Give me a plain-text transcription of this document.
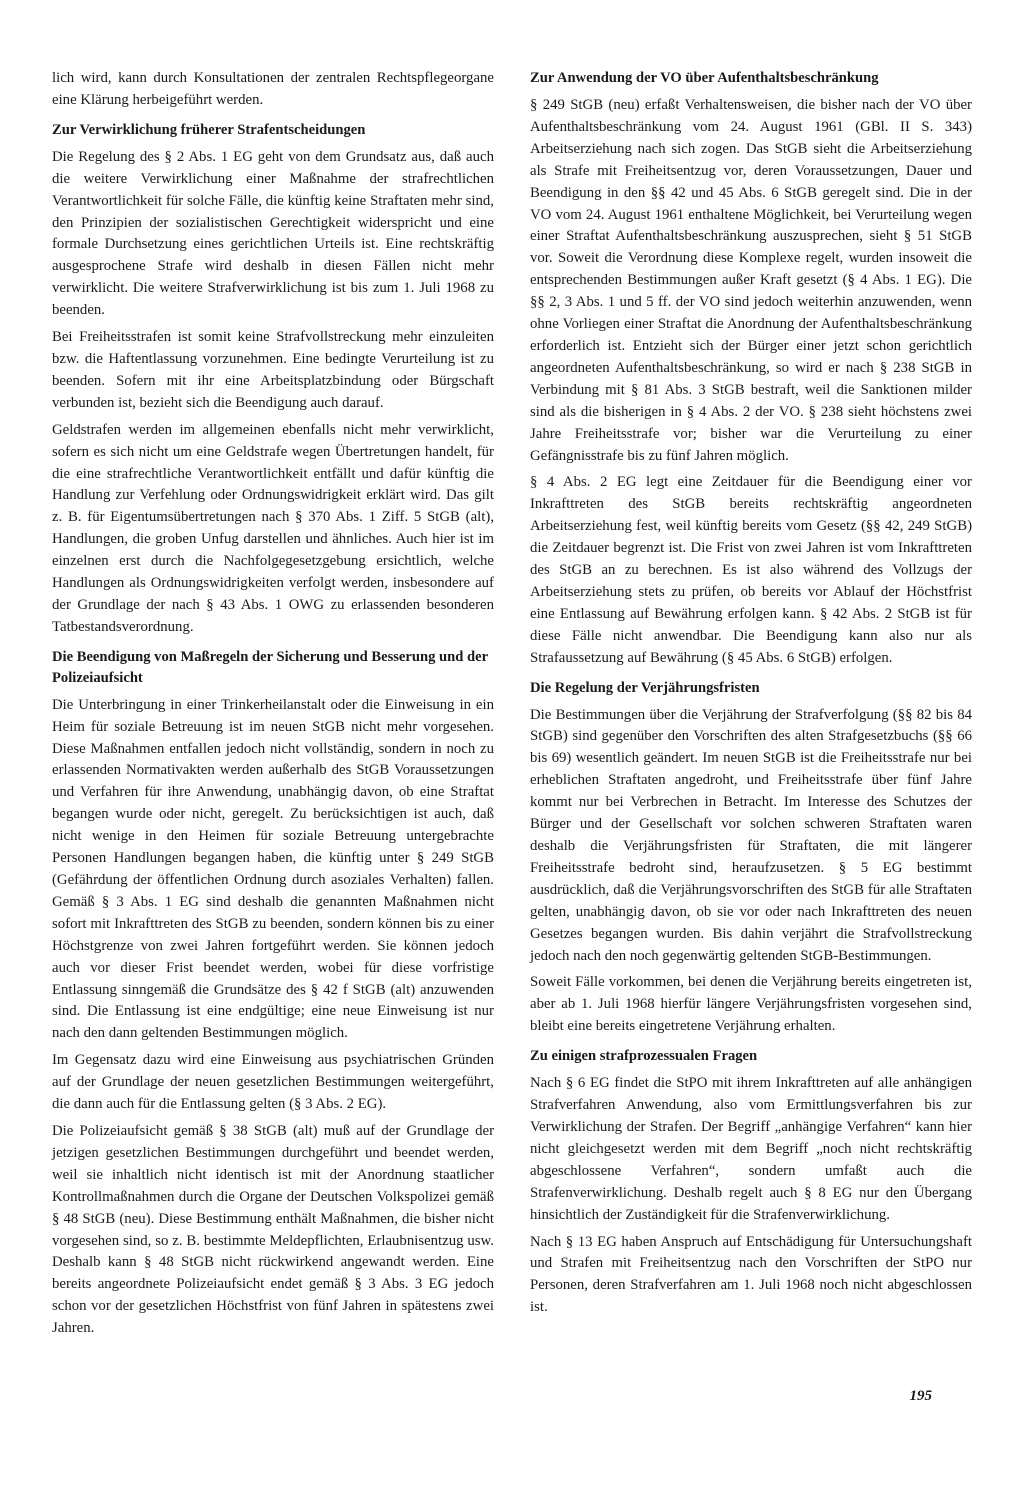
lich wird, kann durch Konsultationen der zentralen Rechtspflegeorgane eine Klärung herbeigeführt werden.

Zur Verwirklichung früherer Strafentscheidungen

Die Regelung des § 2 Abs. 1 EG geht von dem Grundsatz aus, daß auch die weitere Verwirklichung einer Maßnahme der strafrechtlichen Verantwortlichkeit für solche Fälle, die künftig keine Straftaten mehr sind, den Prinzipien der sozialistischen Gerechtigkeit widerspricht und eine formale Durchsetzung eines gerichtlichen Urteils ist. Eine rechtskräftig ausgesprochene Strafe wird deshalb in diesen Fällen nicht mehr verwirklicht. Die weitere Strafverwirklichung ist bis zum 1. Juli 1968 zu beenden.

Bei Freiheitsstrafen ist somit keine Strafvollstreckung mehr einzuleiten bzw. die Haftentlassung vorzunehmen. Eine bedingte Verurteilung ist zu beenden. Sofern mit ihr eine Arbeitsplatzbindung oder Bürgschaft verbunden ist, bezieht sich die Beendigung auch darauf.

Geldstrafen werden im allgemeinen ebenfalls nicht mehr verwirklicht, sofern es sich nicht um eine Geldstrafe wegen Übertretungen handelt, für die eine strafrechtliche Verantwortlichkeit entfällt und dafür künftig die Handlung zur Verfehlung oder Ordnungswidrigkeit erklärt wird. Das gilt z. B. für Eigentumsübertretungen nach § 370 Abs. 1 Ziff. 5 StGB (alt), Handlungen, die groben Unfug darstellen und ähnliches. Auch hier ist im einzelnen erst durch die Nachfolgegesetzgebung ersichtlich, welche Handlungen als Ordnungswidrigkeiten verfolgt werden, insbesondere auf der Grundlage der nach § 43 Abs. 1 OWG zu erlassenden besonderen Tatbestandsverordnung.

Die Beendigung von Maßregeln der Sicherung und Besserung und der Polizeiaufsicht

Die Unterbringung in einer Trinkerheilanstalt oder die Einweisung in ein Heim für soziale Betreuung ist im neuen StGB nicht mehr vorgesehen. Diese Maßnahmen entfallen jedoch nicht vollständig, sondern in noch zu erlassenden Normativakten werden außerhalb des StGB Voraussetzungen und Verfahren für ihre Anwendung, unabhängig davon, ob eine Straftat begangen wurde oder nicht, geregelt. Zu berücksichtigen ist auch, daß nicht wenige in den Heimen für soziale Betreuung untergebrachte Personen Handlungen begangen haben, die künftig unter § 249 StGB (Gefährdung der öffentlichen Ordnung durch asoziales Verhalten) fallen. Gemäß § 3 Abs. 1 EG sind deshalb die genannten Maßnahmen nicht sofort mit Inkrafttreten des StGB zu beenden, sondern können bis zu einer Höchstgrenze von zwei Jahren fortgeführt werden. Sie können jedoch auch vor dieser Frist beendet werden, wobei für diese vorfristige Entlassung sinngemäß die Grundsätze des § 42 f StGB (alt) anzuwenden sind. Die Entlassung ist eine endgültige; eine neue Einweisung ist nur nach den dann geltenden Bestimmungen möglich.

Im Gegensatz dazu wird eine Einweisung aus psychiatrischen Gründen auf der Grundlage der neuen gesetzlichen Bestimmungen weitergeführt, die dann auch für die Entlassung gelten (§ 3 Abs. 2 EG).

Die Polizeiaufsicht gemäß § 38 StGB (alt) muß auf der Grundlage der jetzigen gesetzlichen Bestimmungen durchgeführt und beendet werden, weil sie inhaltlich nicht identisch ist mit der Anordnung staatlicher Kontrollmaßnahmen durch die Organe der Deutschen Volkspolizei gemäß § 48 StGB (neu). Diese Bestimmung enthält Maßnahmen, die bisher nicht vorgesehen sind, so z. B. bestimmte Meldepflichten, Erlaubnisentzug usw. Deshalb kann § 48 StGB nicht rückwirkend angewandt werden. Eine bereits angeordnete Polizeiaufsicht endet gemäß § 3 Abs. 3 EG jedoch schon vor der gesetzlichen Höchstfrist von fünf Jahren in spätestens zwei Jahren.

Zur Anwendung der VO über Aufenthaltsbeschränkung

§ 249 StGB (neu) erfaßt Verhaltensweisen, die bisher nach der VO über Aufenthaltsbeschränkung vom 24. August 1961 (GBl. II S. 343) Arbeitserziehung nach sich zogen. Das StGB sieht die Arbeitserziehung als Strafe mit Freiheitsentzug vor, deren Voraussetzungen, Dauer und Beendigung in den §§ 42 und 45 Abs. 6 StGB geregelt sind. Die in der VO vom 24. August 1961 enthaltene Möglichkeit, bei Verurteilung wegen einer Straftat Aufenthaltsbeschränkung auszusprechen, sieht § 51 StGB vor. Soweit die Verordnung diese Komplexe regelt, wurden insoweit die entsprechenden Bestimmungen außer Kraft gesetzt (§ 4 Abs. 1 EG). Die §§ 2, 3 Abs. 1 und 5 ff. der VO sind jedoch weiterhin anzuwenden, wenn ohne Vorliegen einer Straftat die Anordnung der Aufenthaltsbeschränkung erforderlich ist. Entzieht sich der Bürger einer jetzt schon gerichtlich angeordneten Aufenthaltsbeschränkung, so wird er nach § 238 StGB in Verbindung mit § 81 Abs. 3 StGB bestraft, weil die Sanktionen milder sind als die bisherigen in § 4 Abs. 2 der VO. § 238 sieht höchstens zwei Jahre Freiheitsstrafe vor; bisher war die Verurteilung zu einer Gefängnisstrafe bis zu fünf Jahren möglich.

§ 4 Abs. 2 EG legt eine Zeitdauer für die Beendigung einer vor Inkrafttreten des StGB bereits rechtskräftig angeordneten Arbeitserziehung fest, weil künftig bereits vom Gesetz (§§ 42, 249 StGB) die Zeitdauer begrenzt ist. Die Frist von zwei Jahren ist vom Inkrafttreten des StGB an zu berechnen. Es ist also während des Vollzugs der Arbeitserziehung stets zu prüfen, ob bereits vor Ablauf der Höchstfrist eine Entlassung auf Bewährung erfolgen kann. § 42 Abs. 2 StGB ist für diese Fälle nicht anwendbar. Die Beendigung kann also nur als Strafaussetzung auf Bewährung (§ 45 Abs. 6 StGB) erfolgen.

Die Regelung der Verjährungsfristen

Die Bestimmungen über die Verjährung der Strafverfolgung (§§ 82 bis 84 StGB) sind gegenüber den Vorschriften des alten Strafgesetzbuchs (§§ 66 bis 69) wesentlich geändert. Im neuen StGB ist die Freiheitsstrafe nur bei erheblichen Straftaten angedroht, und Freiheitsstrafe über fünf Jahre kommt nur bei Verbrechen in Betracht. Im Interesse des Schutzes der Bürger und der Gesellschaft vor solchen schweren Straftaten waren deshalb die Verjährungsfristen für Straftaten, die mit längerer Freiheitsstrafe bedroht sind, heraufzusetzen. § 5 EG bestimmt ausdrücklich, daß die Verjährungsvorschriften des StGB für alle Straftaten gelten, unabhängig davon, ob sie vor oder nach Inkrafttreten des neuen Gesetzes begangen wurden. Bis dahin verjährt die Strafvollstreckung jedoch nach den noch gegenwärtig geltenden StGB-Bestimmungen.

Soweit Fälle vorkommen, bei denen die Verjährung bereits eingetreten ist, aber ab 1. Juli 1968 hierfür längere Verjährungsfristen vorgesehen sind, bleibt eine bereits eingetretene Verjährung erhalten.

Zu einigen strafprozessualen Fragen

Nach § 6 EG findet die StPO mit ihrem Inkrafttreten auf alle anhängigen Strafverfahren Anwendung, also vom Ermittlungsverfahren bis zur Verwirklichung der Strafen. Der Begriff „anhängige Verfahren“ kann hier nicht gleichgesetzt werden mit dem Begriff „noch nicht rechtskräftig abgeschlossene Verfahren“, sondern umfaßt auch die Strafenverwirklichung. Deshalb regelt auch § 8 EG nur den Übergang hinsichtlich der Zuständigkeit für die Strafenverwirklichung.

Nach § 13 EG haben Anspruch auf Entschädigung für Untersuchungshaft und Strafen mit Freiheitsentzug nach den Vorschriften der StPO nur Personen, deren Strafverfahren am 1. Juli 1968 noch nicht abgeschlossen ist.

195
